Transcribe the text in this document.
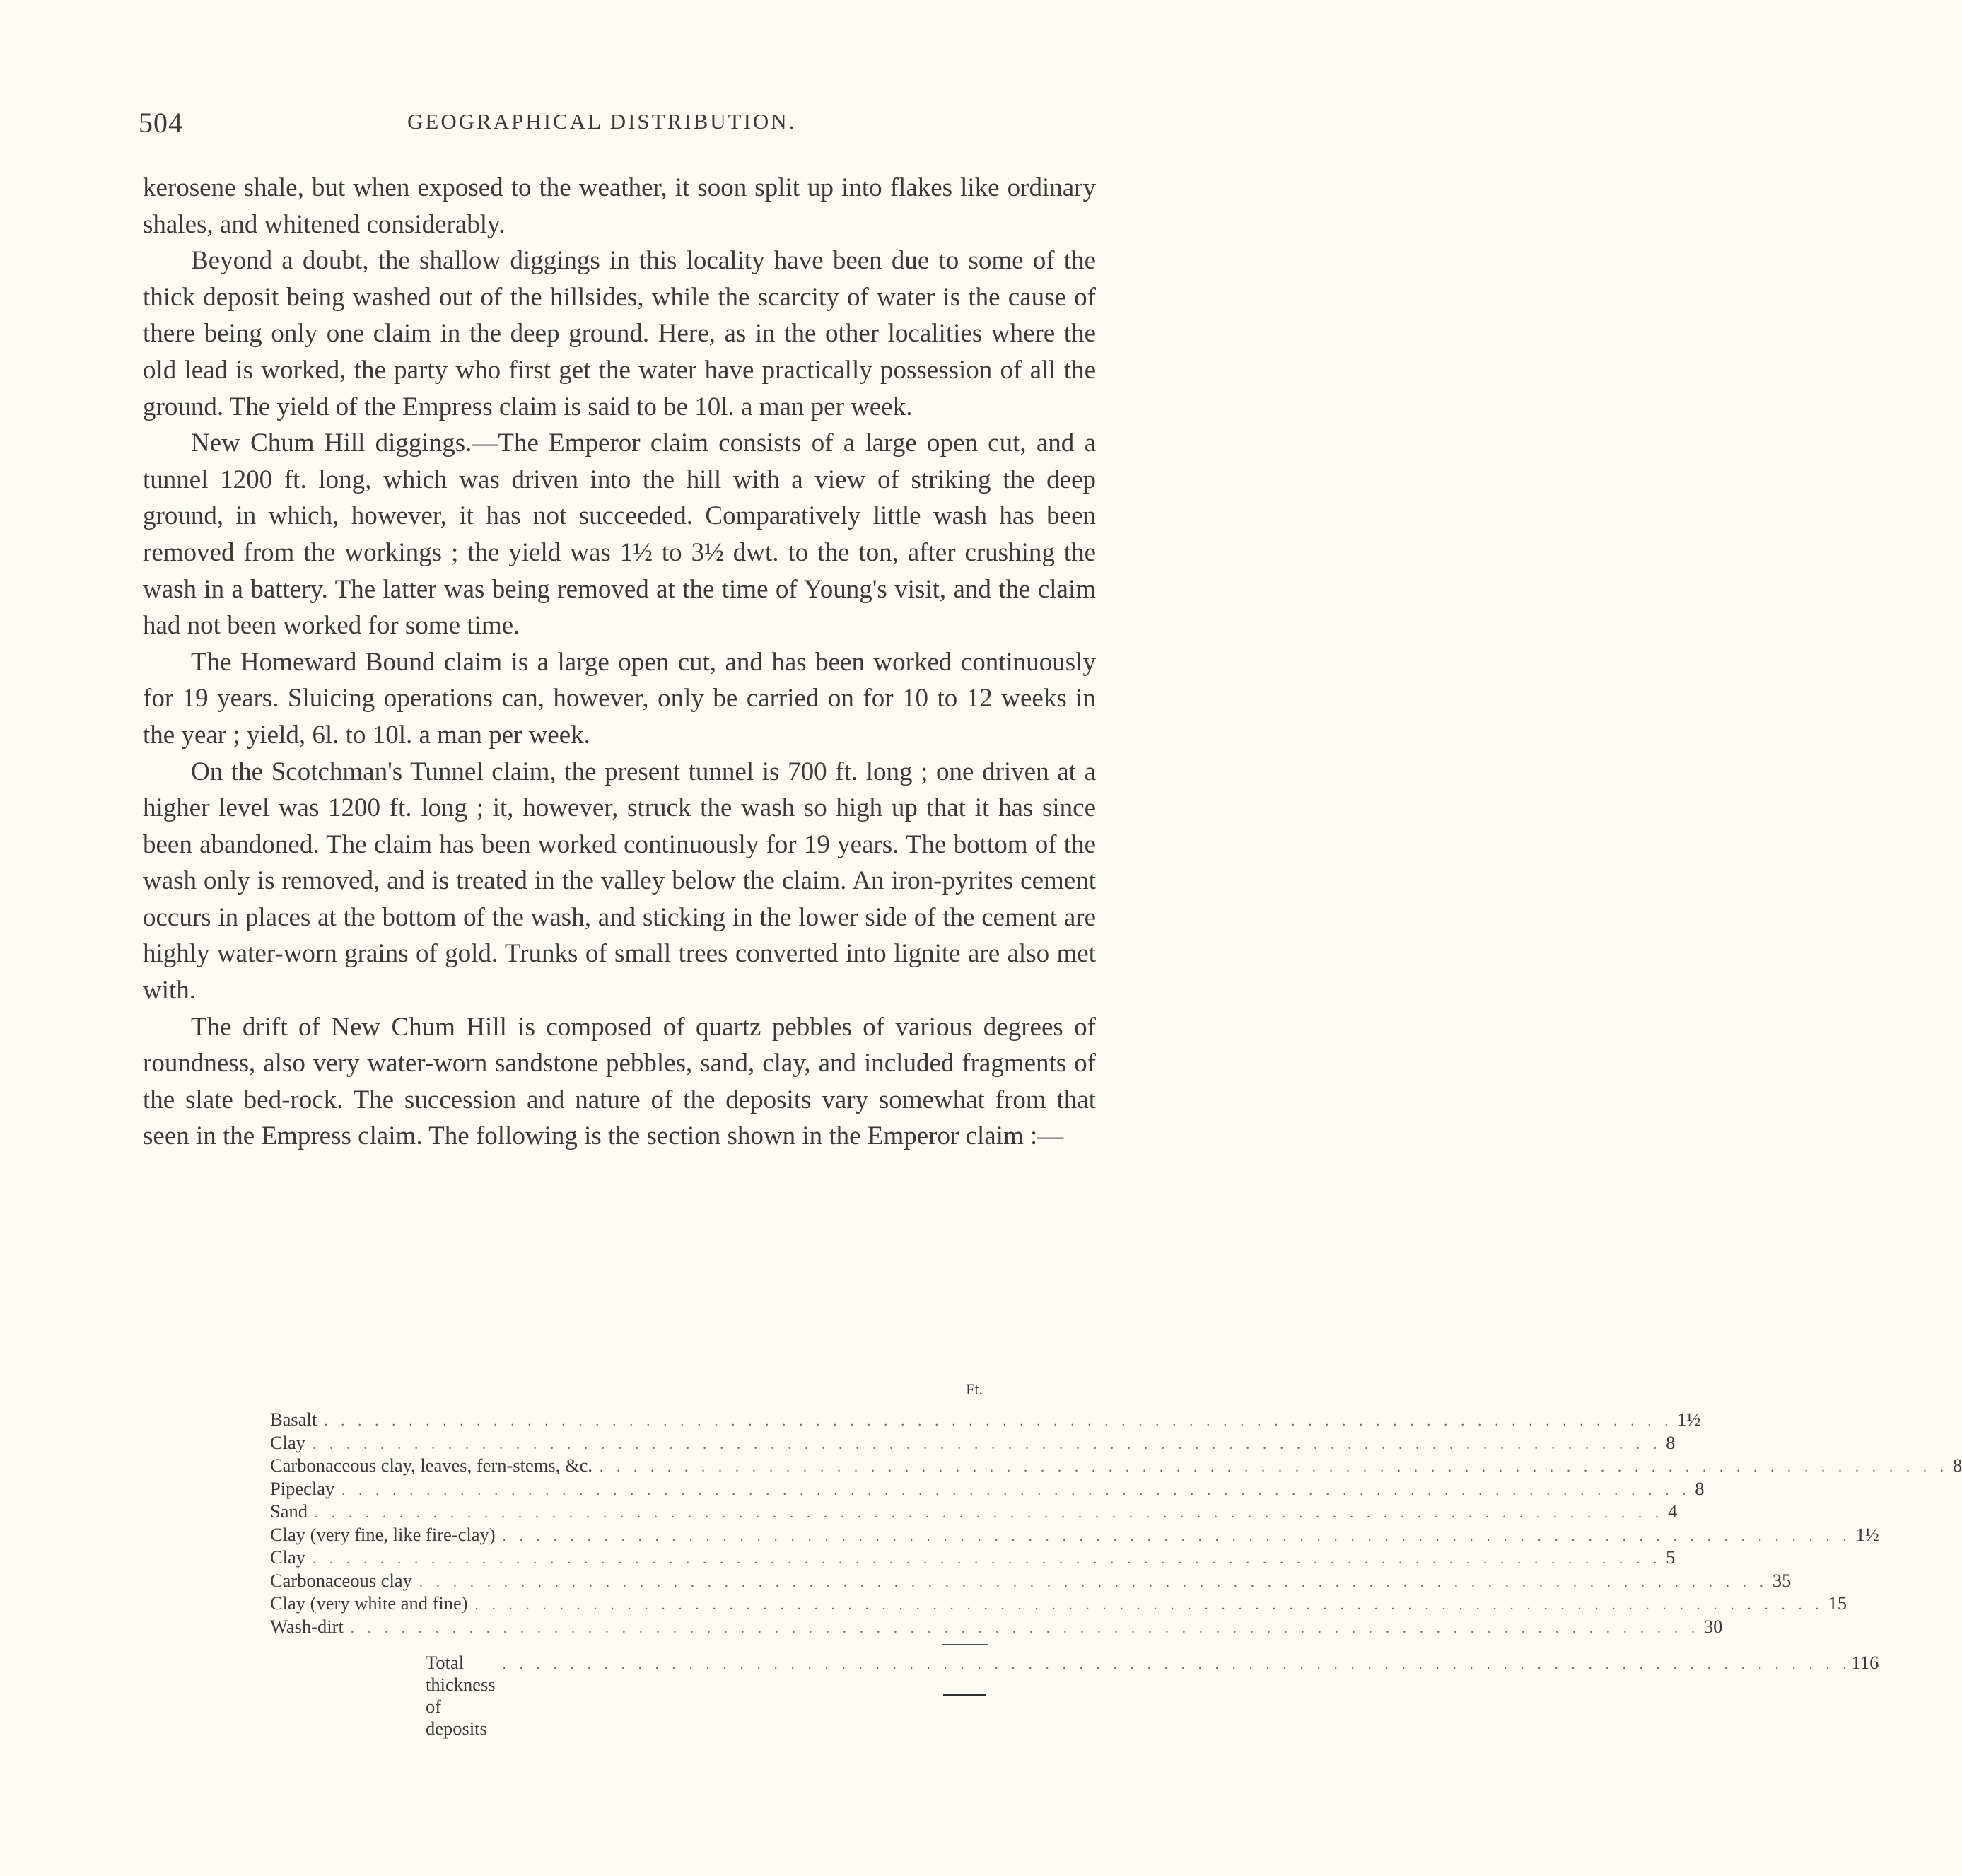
504	GEOGRAPHICAL DISTRIBUTION.

kerosene shale, but when exposed to the weather, it soon split up into flakes like ordinary shales, and whitened considerably.

Beyond a doubt, the shallow diggings in this locality have been due to some of the thick deposit being washed out of the hillsides, while the scarcity of water is the cause of there being only one claim in the deep ground. Here, as in the other localities where the old lead is worked, the party who first get the water have practically possession of all the ground. The yield of the Empress claim is said to be 10l. a man per week.

New Chum Hill diggings.—The Emperor claim consists of a large open cut, and a tunnel 1200 ft. long, which was driven into the hill with a view of striking the deep ground, in which, however, it has not succeeded. Comparatively little wash has been removed from the workings ; the yield was 1½ to 3½ dwt. to the ton, after crushing the wash in a battery. The latter was being removed at the time of Young's visit, and the claim had not been worked for some time.

The Homeward Bound claim is a large open cut, and has been worked continuously for 19 years. Sluicing operations can, however, only be carried on for 10 to 12 weeks in the year ; yield, 6l. to 10l. a man per week.

On the Scotchman's Tunnel claim, the present tunnel is 700 ft. long ; one driven at a higher level was 1200 ft. long ; it, however, struck the wash so high up that it has since been abandoned. The claim has been worked continuously for 19 years. The bottom of the wash only is removed, and is treated in the valley below the claim. An iron-pyrites cement occurs in places at the bottom of the wash, and sticking in the lower side of the cement are highly water-worn grains of gold. Trunks of small trees converted into lignite are also met with.

The drift of New Chum Hill is composed of quartz pebbles of various degrees of roundness, also very water-worn sandstone pebbles, sand, clay, and included fragments of the slate bed-rock. The succession and nature of the deposits vary somewhat from that seen in the Empress claim. The following is the section shown in the Emperor claim :—

Ft.
Basalt . . . . . . . . . . . . . . . . . . . . . . . . . . . . . . . . . . . . . . . . . . . . . . . . . . . . . . . . . . . . . . . . . . . . . . . . . . . . . . . . 1½
Clay . . . . . . . . . . . . . . . . . . . . . . . . . . . . . . . . . . . . . . . . . . . . . . . . . . . . . . . . . . . . . . . . . . . . . . . . . . . . . . . . 8
Carbonaceous clay, leaves, fern-stems, &c. . . . . . . . . . . . . . . . . . . . . . . . . . . . . . . . . . . . . . . . . . . . . . . . . . . . . . . . . . . . . . . . . . . . . . . . . . . . . . . . . 8
Pipeclay . . . . . . . . . . . . . . . . . . . . . . . . . . . . . . . . . . . . . . . . . . . . . . . . . . . . . . . . . . . . . . . . . . . . . . . . . . . . . . . . 8
Sand . . . . . . . . . . . . . . . . . . . . . . . . . . . . . . . . . . . . . . . . . . . . . . . . . . . . . . . . . . . . . . . . . . . . . . . . . . . . . . . . 4
Clay (very fine, like fire-clay) . . . . . . . . . . . . . . . . . . . . . . . . . . . . . . . . . . . . . . . . . . . . . . . . . . . . . . . . . . . . . . . . . . . . . . . . . . . . . . . . 1½
Clay . . . . . . . . . . . . . . . . . . . . . . . . . . . . . . . . . . . . . . . . . . . . . . . . . . . . . . . . . . . . . . . . . . . . . . . . . . . . . . . . 5
Carbonaceous clay . . . . . . . . . . . . . . . . . . . . . . . . . . . . . . . . . . . . . . . . . . . . . . . . . . . . . . . . . . . . . . . . . . . . . . . . . . . . . . . . 35
Clay (very white and fine) . . . . . . . . . . . . . . . . . . . . . . . . . . . . . . . . . . . . . . . . . . . . . . . . . . . . . . . . . . . . . . . . . . . . . . . . . . . . . . . . 15
Wash-dirt . . . . . . . . . . . . . . . . . . . . . . . . . . . . . . . . . . . . . . . . . . . . . . . . . . . . . . . . . . . . . . . . . . . . . . . . . . . . . . . . 30
Total thickness of deposits
. . . . . . . . . . . . . . . . . . . . . . . . . . . . . . . . . . . . . . . . . . . . . . . . . . . . . . . . . . . . . . . . . . . . . . . . . . . . . . . . 116
